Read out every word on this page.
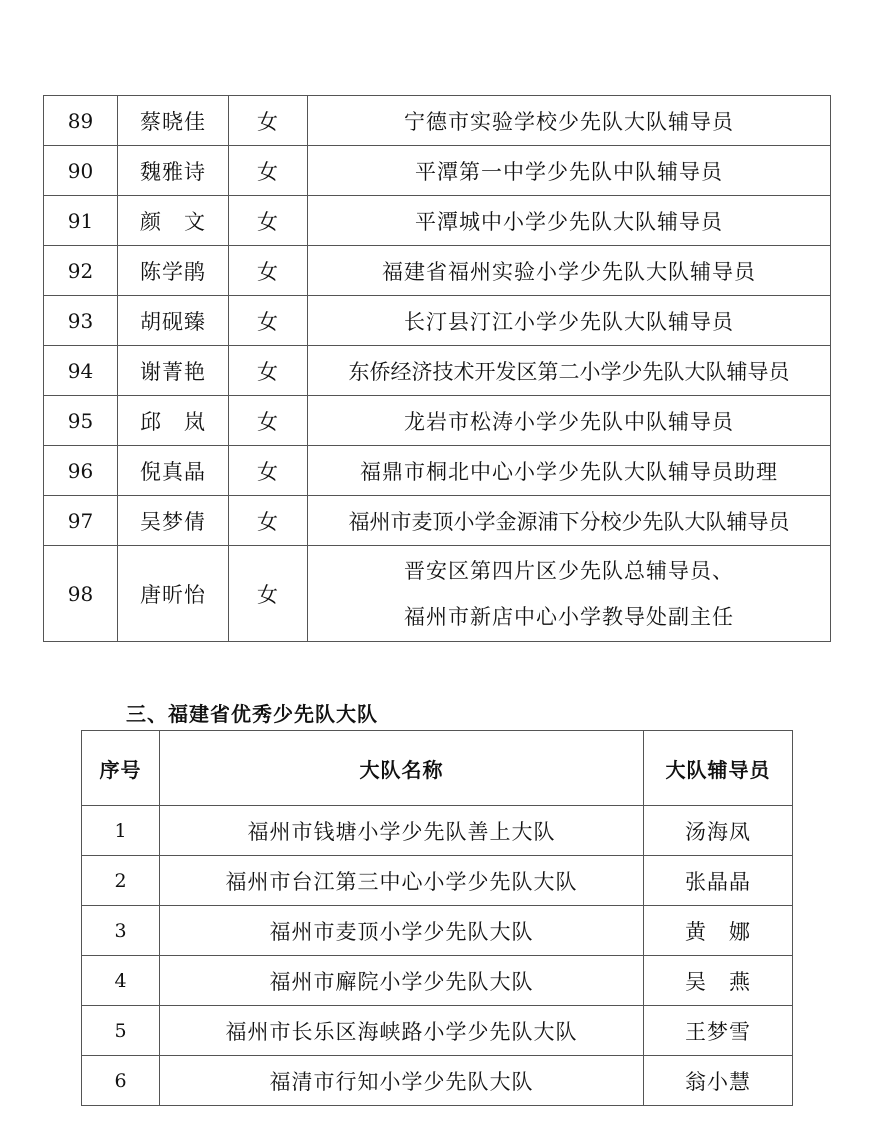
89	蔡晓佳	女	宁德市实验学校少先队大队辅导员
90	魏雅诗	女	平潭第一中学少先队中队辅导员
91	颜　文	女	平潭城中小学少先队大队辅导员
92	陈学鹃	女	福建省福州实验小学少先队大队辅导员
93	胡砚臻	女	长汀县汀江小学少先队大队辅导员
94	谢菁艳	女	东侨经济技术开发区第二小学少先队大队辅导员
95	邱　岚	女	龙岩市松涛小学少先队中队辅导员
96	倪真晶	女	福鼎市桐北中心小学少先队大队辅导员助理
97	吴梦倩	女	福州市麦顶小学金源浦下分校少先队大队辅导员
98	唐昕怡	女	晋安区第四片区少先队总辅导员、
福州市新店中心小学教导处副主任
三、福建省优秀少先队大队
序号	大队名称	大队辅导员
1	福州市钱塘小学少先队善上大队	汤海凤
2	福州市台江第三中心小学少先队大队	张晶晶
3	福州市麦顶小学少先队大队	黄　娜
4	福州市廨院小学少先队大队	吴　燕
5	福州市长乐区海峡路小学少先队大队	王梦雪
6	福清市行知小学少先队大队	翁小慧
